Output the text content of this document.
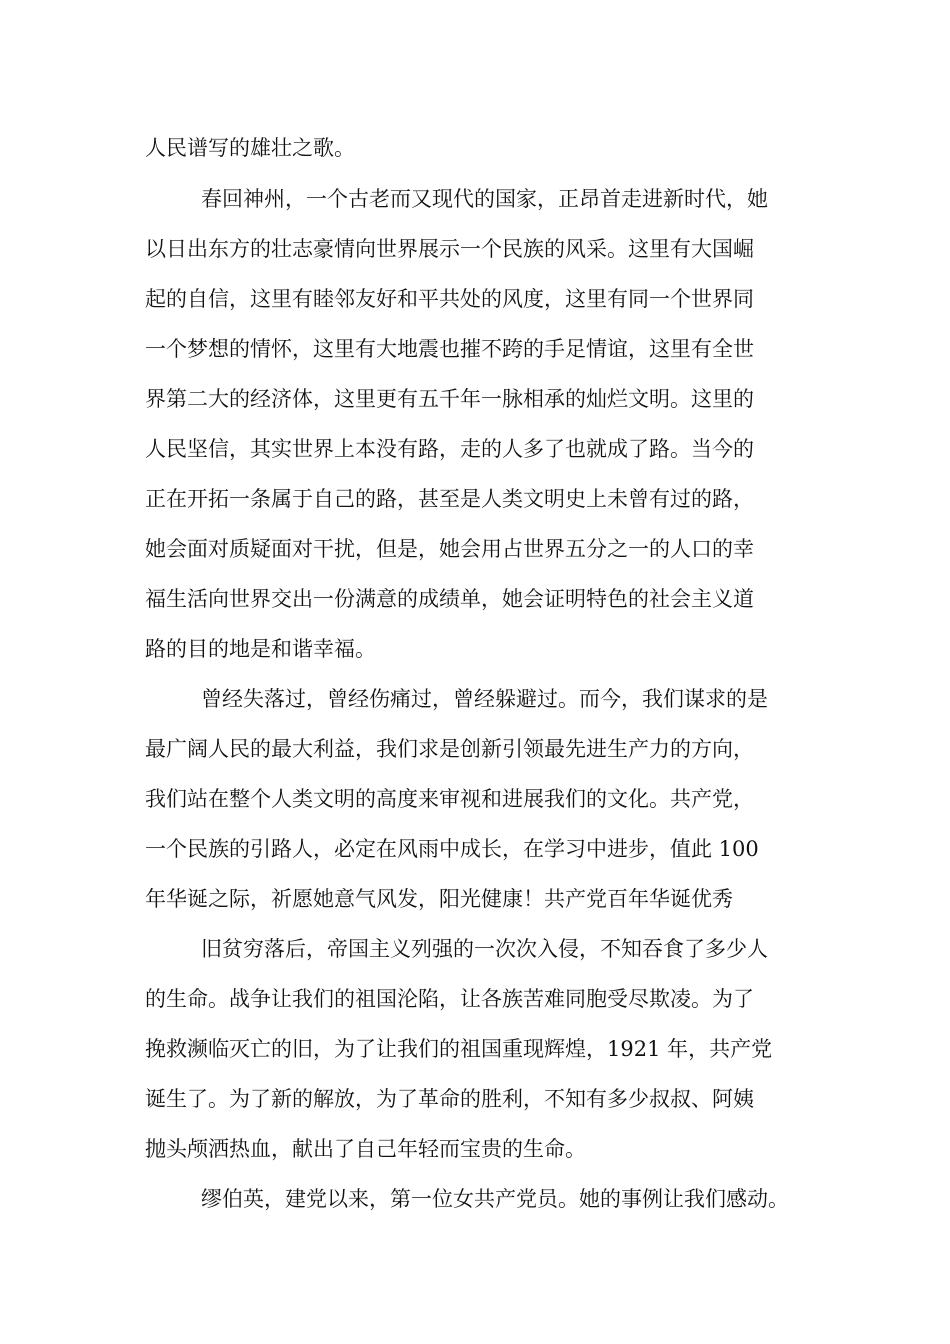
人民谱写的雄壮之歌。

春回神州，一个古老而又现代的国家，正昂首走进新时代，她

以日出东方的壮志豪情向世界展示一个民族的风采。这里有大国崛

起的自信，这里有睦邻友好和平共处的风度，这里有同一个世界同

一个梦想的情怀，这里有大地震也摧不跨的手足情谊，这里有全世

界第二大的经济体，这里更有五千年一脉相承的灿烂文明。这里的

人民坚信，其实世界上本没有路，走的人多了也就成了路。当今的

正在开拓一条属于自己的路，甚至是人类文明史上未曾有过的路，

她会面对质疑面对干扰，但是，她会用占世界五分之一的人口的幸

福生活向世界交出一份满意的成绩单，她会证明特色的社会主义道

路的目的地是和谐幸福。

曾经失落过，曾经伤痛过，曾经躲避过。而今，我们谋求的是

最广阔人民的最大利益，我们求是创新引领最先进生产力的方向，

我们站在整个人类文明的高度来审视和进展我们的文化。共产党，

一个民族的引路人，必定在风雨中成长，在学习中进步，值此 100

年华诞之际，祈愿她意气风发，阳光健康！共产党百年华诞优秀

旧贫穷落后，帝国主义列强的一次次入侵，不知吞食了多少人

的生命。战争让我们的祖国沦陷，让各族苦难同胞受尽欺凌。为了

挽救濒临灭亡的旧，为了让我们的祖国重现辉煌，1921 年，共产党

诞生了。为了新的解放，为了革命的胜利，不知有多少叔叔、阿姨

抛头颅洒热血，献出了自己年轻而宝贵的生命。

缪伯英，建党以来，第一位女共产党员。她的事例让我们感动。
